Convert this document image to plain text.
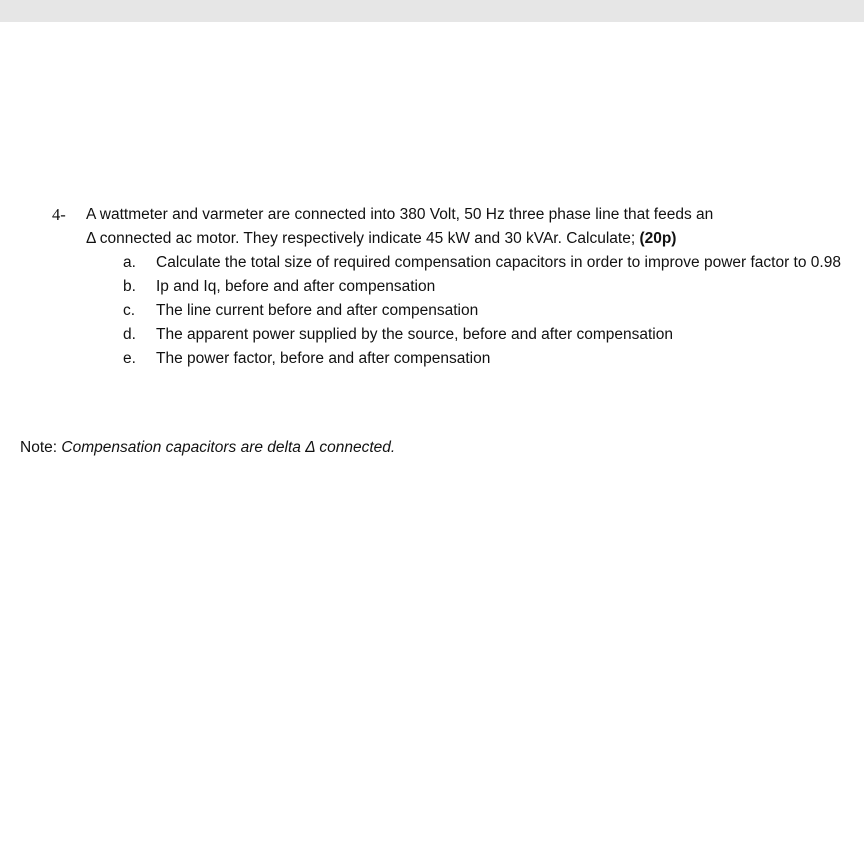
4-	A wattmeter and varmeter are connected into 380 Volt, 50 Hz three phase line that feeds an
Δ connected ac motor. They respectively indicate 45 kW and 30 kVAr. Calculate; (20p)
a.	Calculate the total size of required compensation capacitors in order to improve power factor to 0.98
b.	Ip and Iq, before and after compensation
c.	The line current before and after compensation
d.	The apparent power supplied by the source, before and after compensation
e.	The power factor, before and after compensation
Note: Compensation capacitors are delta Δ connected.
